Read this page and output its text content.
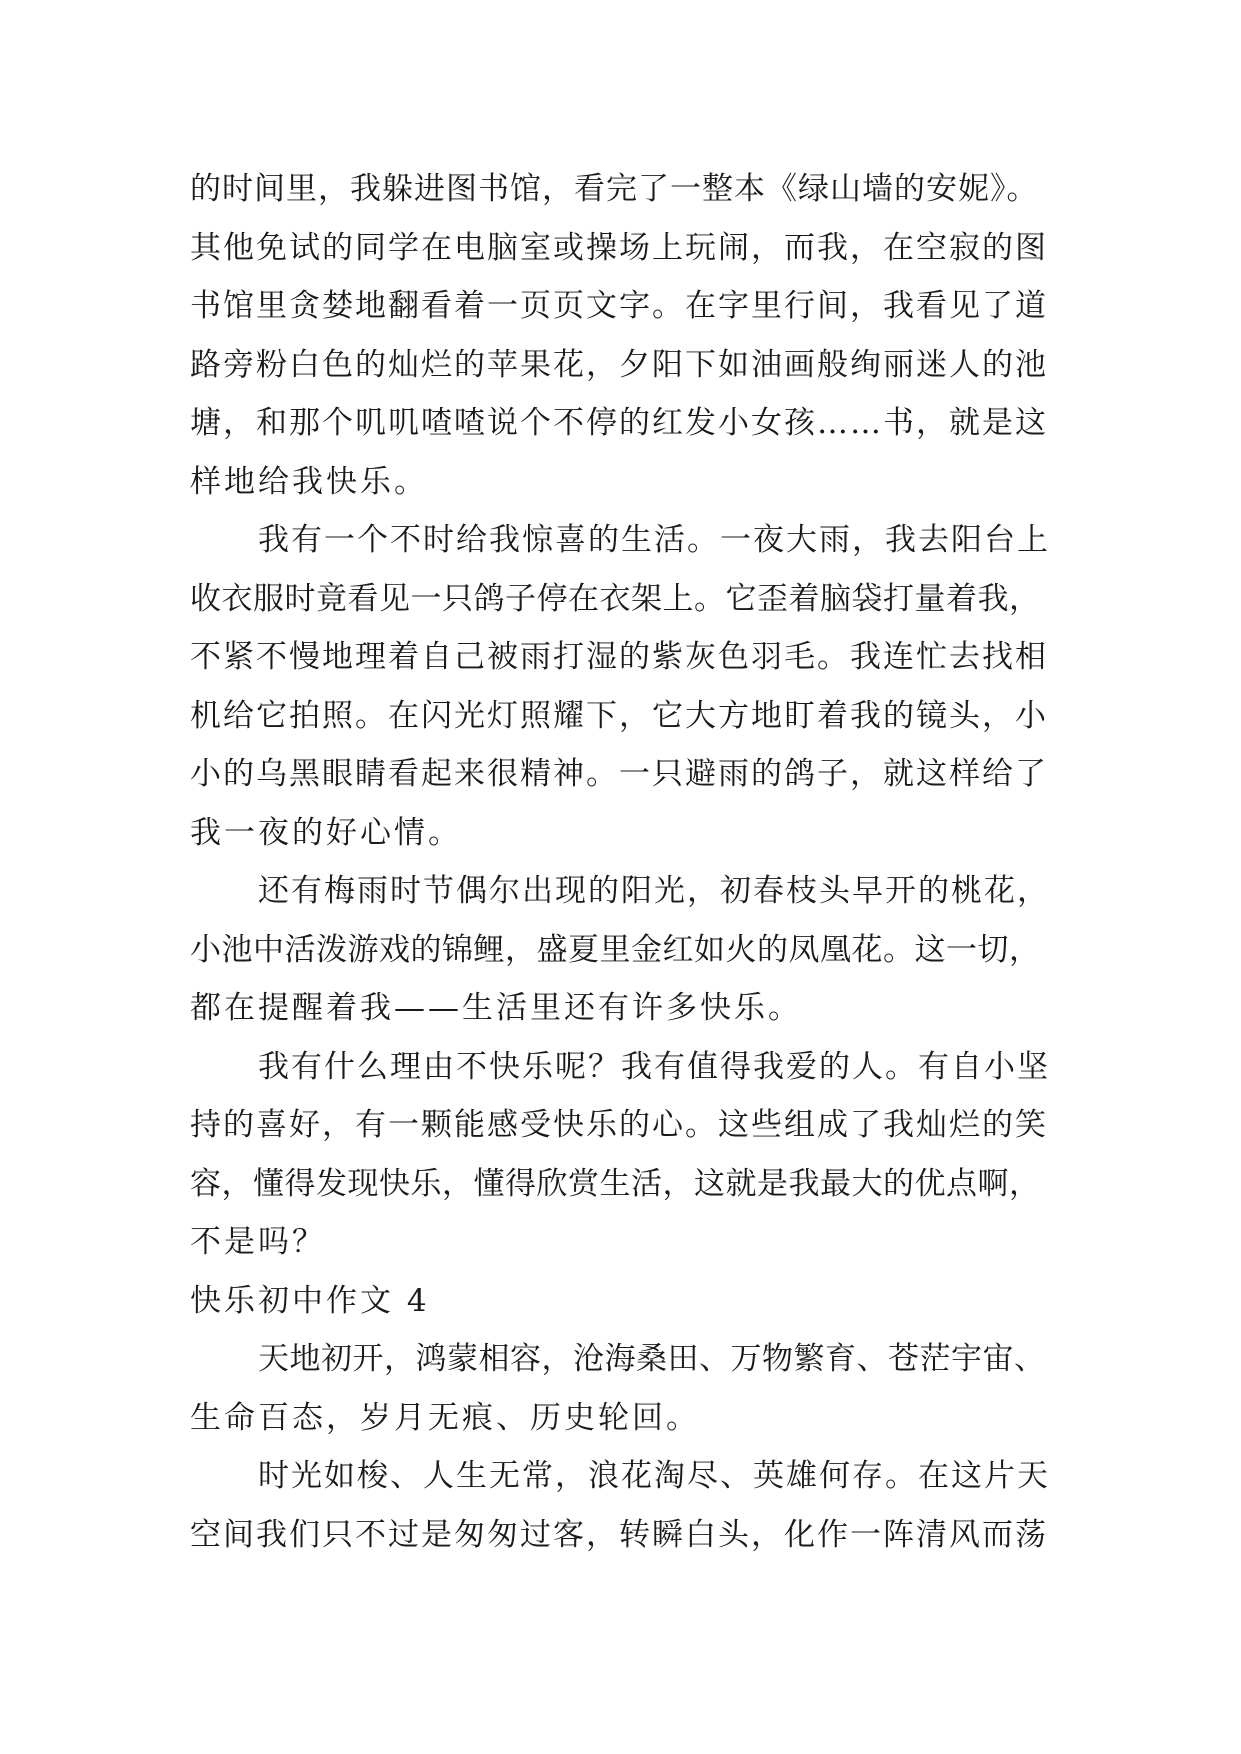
的时间里，我躲进图书馆，看完了一整本《绿山墙的安妮》。
其他免试的同学在电脑室或操场上玩闹，而我，在空寂的图
书馆里贪婪地翻看着一页页文字。在字里行间，我看见了道
路旁粉白色的灿烂的苹果花，夕阳下如油画般绚丽迷人的池
塘，和那个叽叽喳喳说个不停的红发小女孩……书，就是这
样地给我快乐。
我有一个不时给我惊喜的生活。一夜大雨，我去阳台上
收衣服时竟看见一只鸽子停在衣架上。它歪着脑袋打量着我，
不紧不慢地理着自己被雨打湿的紫灰色羽毛。我连忙去找相
机给它拍照。在闪光灯照耀下，它大方地盯着我的镜头，小
小的乌黑眼睛看起来很精神。一只避雨的鸽子，就这样给了
我一夜的好心情。
还有梅雨时节偶尔出现的阳光，初春枝头早开的桃花，
小池中活泼游戏的锦鲤，盛夏里金红如火的凤凰花。这一切，
都在提醒着我——生活里还有许多快乐。
我有什么理由不快乐呢？我有值得我爱的人。有自小坚
持的喜好，有一颗能感受快乐的心。这些组成了我灿烂的笑
容，懂得发现快乐，懂得欣赏生活，这就是我最大的优点啊，
不是吗？
快乐初中作文 4
天地初开，鸿蒙相容，沧海桑田、万物繁育、苍茫宇宙、
生命百态，岁月无痕、历史轮回。
时光如梭、人生无常，浪花淘尽、英雄何存。在这片天
空间我们只不过是匆匆过客，转瞬白头，化作一阵清风而荡
